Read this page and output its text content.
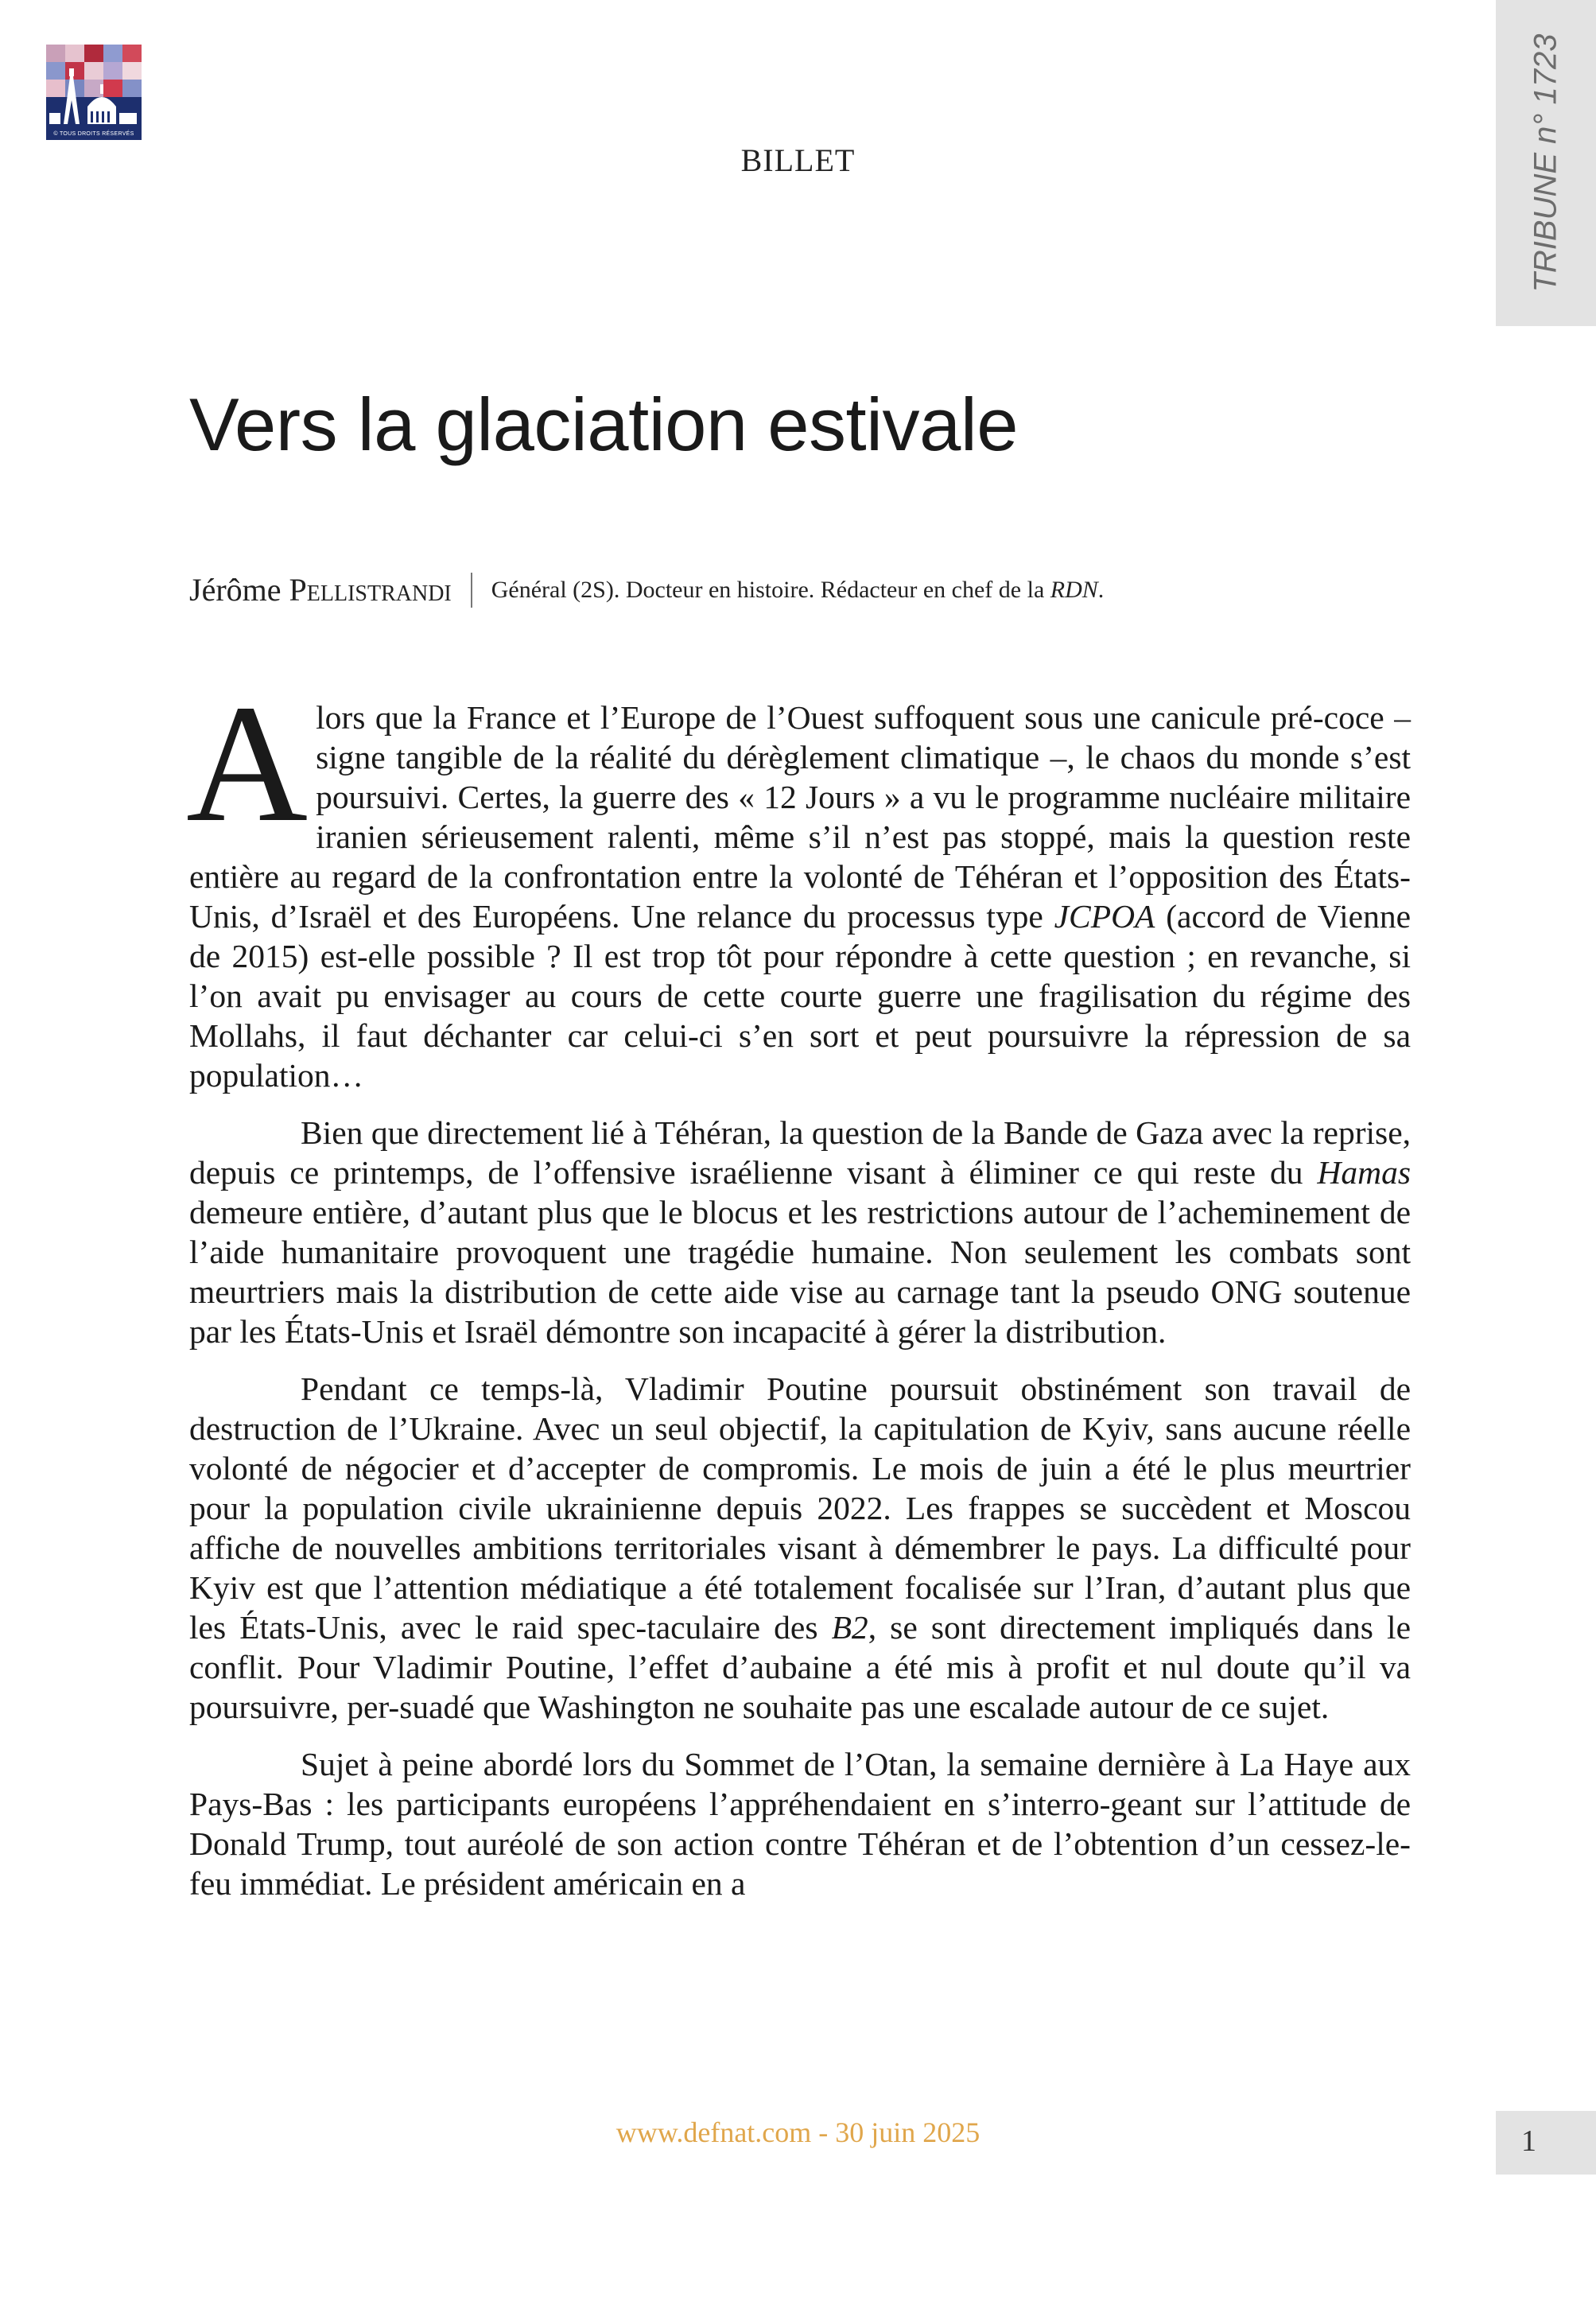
© TOUS DROITS RÉSERVÉS	TRIBUNE n° 1723
BILLET
Vers la glaciation estivale
Jérôme Pellistrandi Général (2S). Docteur en histoire. Rédacteur en chef de la RDN.

Alors que la France et l’Europe de l’Ouest suffoquent sous une canicule pré-coce – signe tangible de la réalité du dérèglement climatique –, le chaos du monde s’est poursuivi. Certes, la guerre des « 12 Jours » a vu le programme nucléaire militaire iranien sérieusement ralenti, même s’il n’est pas stoppé, mais la question reste entière au regard de la confrontation entre la volonté de Téhéran et l’opposition des États-Unis, d’Israël et des Européens. Une relance du processus type JCPOA (accord de Vienne de 2015) est-elle possible ? Il est trop tôt pour répondre à cette question ; en revanche, si l’on avait pu envisager au cours de cette courte guerre une fragilisation du régime des Mollahs, il faut déchanter car celui-ci s’en sort et peut poursuivre la répression de sa population…

Bien que directement lié à Téhéran, la question de la Bande de Gaza avec la reprise, depuis ce printemps, de l’offensive israélienne visant à éliminer ce qui reste du Hamas demeure entière, d’autant plus que le blocus et les restrictions autour de l’acheminement de l’aide humanitaire provoquent une tragédie humaine. Non seulement les combats sont meurtriers mais la distribution de cette aide vise au carnage tant la pseudo ONG soutenue par les États-Unis et Israël démontre son incapacité à gérer la distribution.

Pendant ce temps-là, Vladimir Poutine poursuit obstinément son travail de destruction de l’Ukraine. Avec un seul objectif, la capitulation de Kyiv, sans aucune réelle volonté de négocier et d’accepter de compromis. Le mois de juin a été le plus meurtrier pour la population civile ukrainienne depuis 2022. Les frappes se succèdent et Moscou affiche de nouvelles ambitions territoriales visant à démembrer le pays. La difficulté pour Kyiv est que l’attention médiatique a été totalement focalisée sur l’Iran, d’autant plus que les États-Unis, avec le raid spec-taculaire des B2, se sont directement impliqués dans le conflit. Pour Vladimir Poutine, l’effet d’aubaine a été mis à profit et nul doute qu’il va poursuivre, per-suadé que Washington ne souhaite pas une escalade autour de ce sujet.

Sujet à peine abordé lors du Sommet de l’Otan, la semaine dernière à La Haye aux Pays-Bas : les participants européens l’appréhendaient en s’interro-geant sur l’attitude de Donald Trump, tout auréolé de son action contre Téhéran et de l’obtention d’un cessez-le-feu immédiat. Le président américain en a

www.defnat.com - 30 juin 2025	1
